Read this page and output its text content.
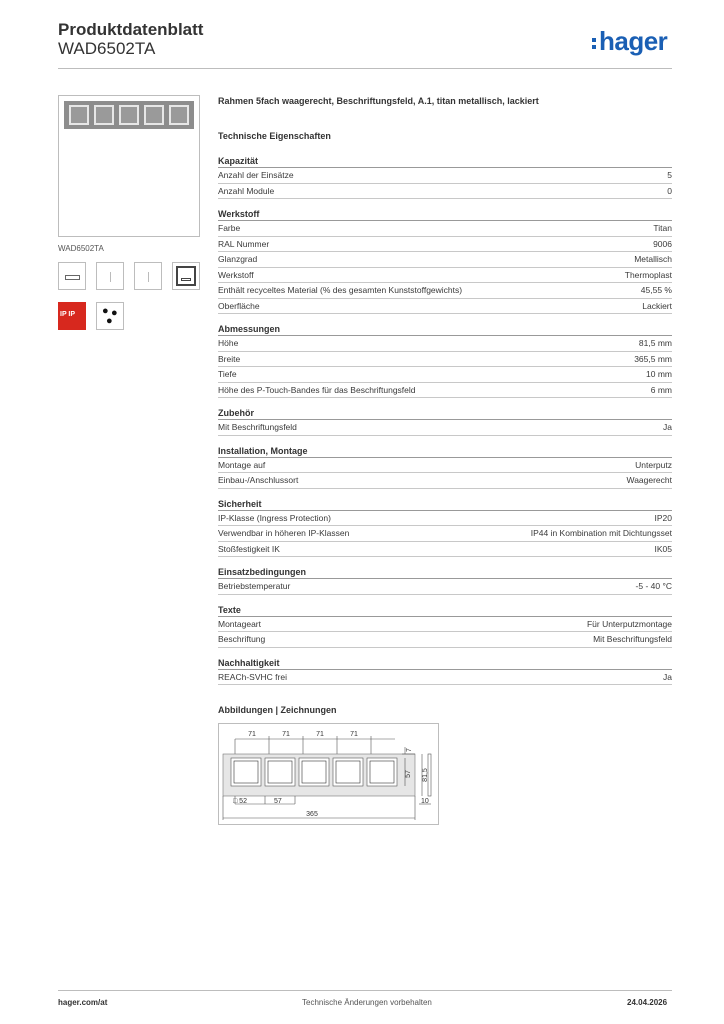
Produktdatenblatt
WAD6502TA	hager
WAD6502TA
IP IP ● ●
●
Rahmen 5fach waagerecht, Beschriftungsfeld, A.1, titan metallisch, lackiert
Technische Eigenschaften
Kapazität
Anzahl der Einsätze	5
Anzahl Module	0
Werkstoff
Farbe	Titan
RAL Nummer	9006
Glanzgrad	Metallisch
Werkstoff	Thermoplast
Enthält recyceltes Material (% des gesamten Kunststoffgewichts)	45,55 %
Oberfläche	Lackiert
Abmessungen
Höhe	81,5 mm
Breite	365,5 mm
Tiefe	10 mm
Höhe des P-Touch-Bandes für das Beschriftungsfeld	6 mm
Zubehör
Mit Beschriftungsfeld	Ja
Installation, Montage
Montage auf	Unterputz
Einbau-/Anschlussort	Waagerecht
Sicherheit
IP-Klasse (Ingress Protection)	IP20
Verwendbar in höheren IP-Klassen	IP44 in Kombination mit Dichtungsset
Stoßfestigkeit IK	IK05
Einsatzbedingungen
Betriebstemperatur	-5 - 40 °C
Texte
Montageart	Für Unterputzmontage
Beschriftung	Mit Beschriftungsfeld
Nachhaltigkeit
REACh-SVHC frei	Ja
Abbildungen | Zeichnungen
71	71	71	71
7
57 81,5
□ 52	57	10
365
hager.com/at	Technische Änderungen vorbehalten	24.04.2026
